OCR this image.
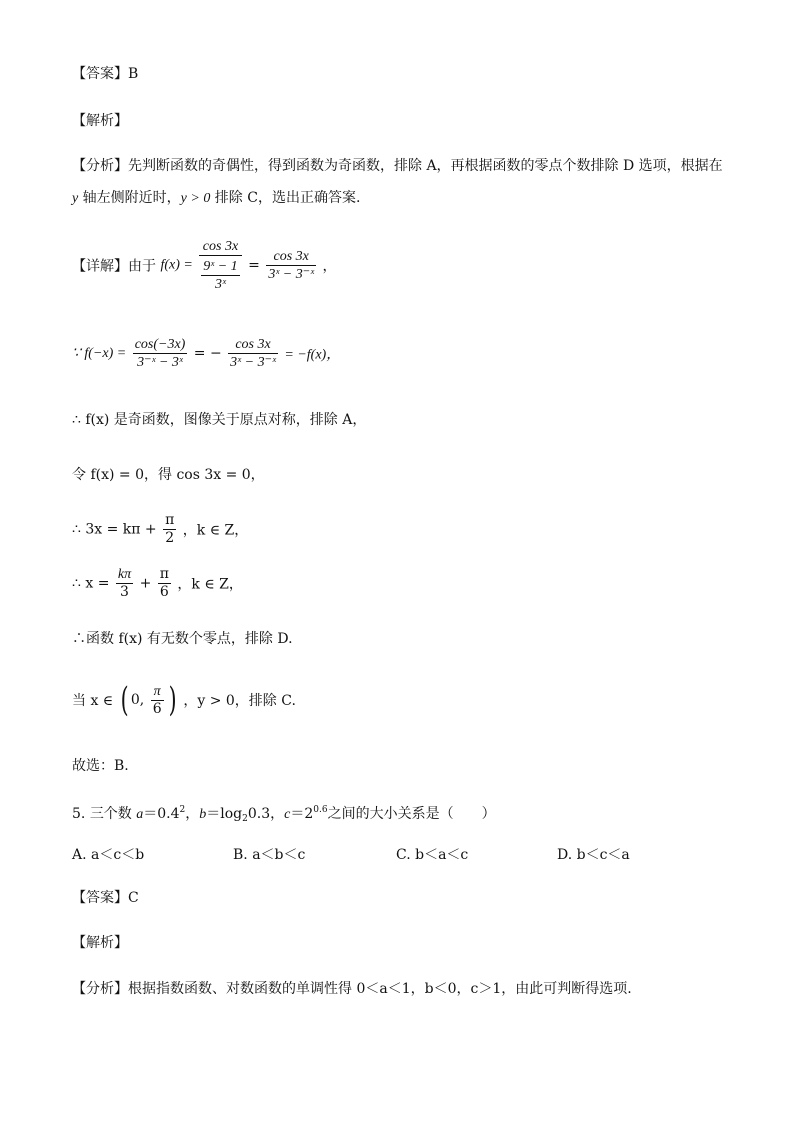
【答案】B
【解析】
【分析】先判断函数的奇偶性，得到函数为奇函数，排除 A，再根据函数的零点个数排除 D 选项，根据在
y 轴左侧附近时，y > 0 排除 C，选出正确答案.
【详解】由于 $f(x) = \frac{\cos 3x}{\frac{\text{9ˣ − 1}}{\text{3ˣ}}} = \frac{\cos 3x}{\text{3ˣ − 3⁻ˣ}}$ ，
∵ $f(-x) = \frac{\cos(-3x)}{\text{3⁻ˣ − 3ˣ}}$ = − $\frac{\cos 3x}{\text{3ˣ − 3⁻ˣ}} = -f(x)$，
∴ f(x) 是奇函数，图像关于原点对称，排除 A，
令 f(x) = 0，得 cos 3x = 0，
∴ $3x = k\pi + \frac{\pi}{2}$ ，k ∈ Z，
∴ $x = \frac{k\pi}{3} + \frac{\pi}{6}$ ，k ∈ Z，
∴函数 f(x) 有无数个零点，排除 D.
当 x ∈ ( 0, $\frac{\pi}{6}$ ) ，y > 0，排除 C.
故选：B.
5. 三个数 $a=0.4^2$，$b=\log_20.3$，$c=2^{0.6}$之间的大小关系是（　　）
A. a＜c＜b	B. a＜b＜c	C. b＜a＜c	D. b＜c＜a
【答案】C
【解析】
【分析】根据指数函数、对数函数的单调性得 0＜a＜1，b＜0，c＞1，由此可判断得选项.
